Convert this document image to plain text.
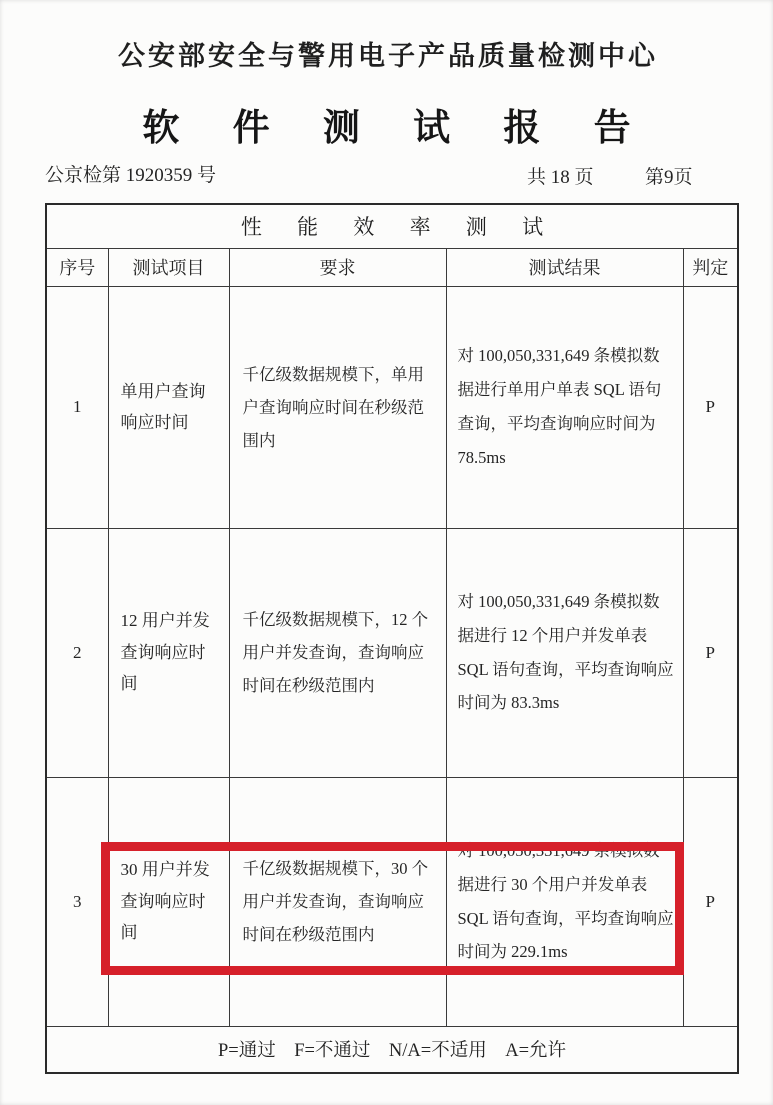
公安部安全与警用电子产品质量检测中心
软 件 测 试 报 告
公京检第 1920359 号	共 18 页	第9页
性 能 效 率 测 试				
序号	测试项目	要求	测试结果	判定
1	单用户查询 响应时间	千亿级数据规模下，单用户查询响应时间在秒级范围内	对 100,050,331,649 条模拟数据进行单用户单表 SQL 语句查询，平均查询响应时间为 78.5ms	P
2	12 用户并发查询响应时间	千亿级数据规模下，12 个用户并发查询，查询响应时间在秒级范围内	对 100,050,331,649 条模拟数据进行 12 个用户并发单表 SQL 语句查询，平均查询响应时间为 83.3ms	P
3	30 用户并发查询响应时间	千亿级数据规模下，30 个用户并发查询，查询响应时间在秒级范围内	对 100,050,331,649 条模拟数据进行 30 个用户并发单表 SQL 语句查询，平均查询响应时间为 229.1ms	P
P=通过    F=不通过    N/A=不适用    A=允许				
